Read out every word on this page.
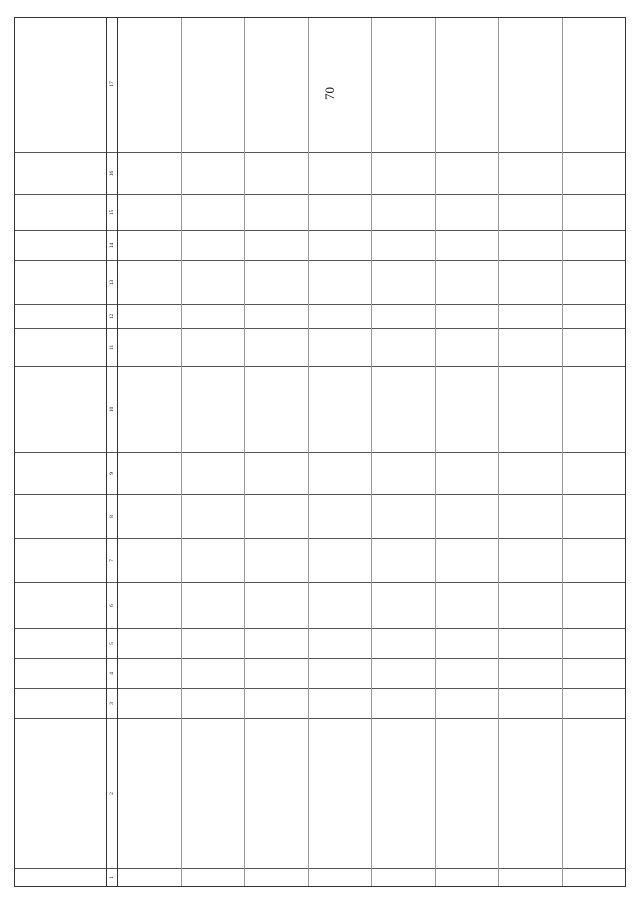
70
1
2
3
4
5
6
7
8
9
10
11
12
13
14
15
16
17
